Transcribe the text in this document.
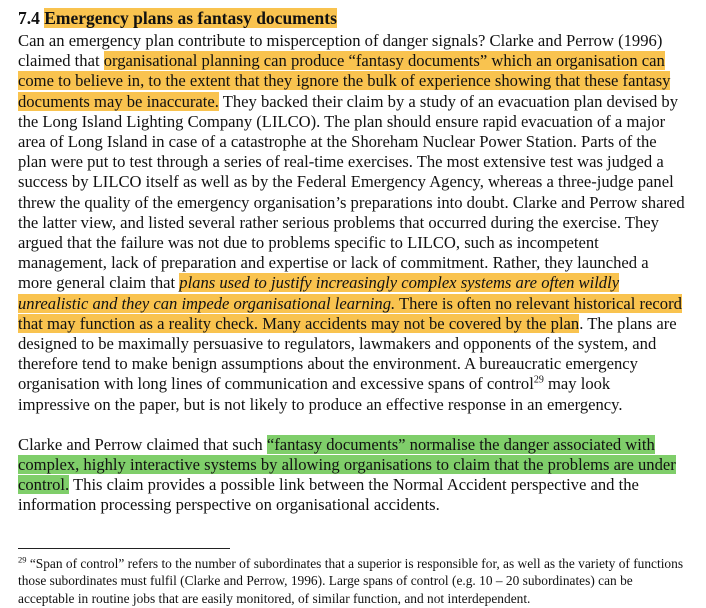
7.4 Emergency plans as fantasy documents

Can an emergency plan contribute to misperception of danger signals? Clarke and Perrow (1996) claimed that organisational planning can produce “fantasy documents” which an organisation can come to believe in, to the extent that they ignore the bulk of experience showing that these fantasy documents may be inaccurate. They backed their claim by a study of an evacuation plan devised by the Long Island Lighting Company (LILCO). The plan should ensure rapid evacuation of a major area of Long Island in case of a catastrophe at the Shoreham Nuclear Power Station. Parts of the plan were put to test through a series of real-time exercises. The most extensive test was judged a success by LILCO itself as well as by the Federal Emergency Agency, whereas a three-judge panel threw the quality of the emergency organisation’s preparations into doubt. Clarke and Perrow shared the latter view, and listed several rather serious problems that occurred during the exercise. They argued that the failure was not due to problems specific to LILCO, such as incompetent management, lack of preparation and expertise or lack of commitment. Rather, they launched a more general claim that plans used to justify increasingly complex systems are often wildly unrealistic and they can impede organisational learning. There is often no relevant historical record that may function as a reality check. Many accidents may not be covered by the plan. The plans are designed to be maximally persuasive to regulators, lawmakers and opponents of the system, and therefore tend to make benign assumptions about the environment. A bureaucratic emergency organisation with long lines of communication and excessive spans of control$^{29}$ may look impressive on the paper, but is not likely to produce an effective response in an emergency.

Clarke and Perrow claimed that such “fantasy documents” normalise the danger associated with complex, highly interactive systems by allowing organisations to claim that the problems are under control. This claim provides a possible link between the Normal Accident perspective and the information processing perspective on organisational accidents.

$^{29}$ “Span of control” refers to the number of subordinates that a superior is responsible for, as well as the variety of functions those subordinates must fulfil (Clarke and Perrow, 1996). Large spans of control (e.g. 10 – 20 subordinates) can be acceptable in routine jobs that are easily monitored, of similar function, and not interdependent.
